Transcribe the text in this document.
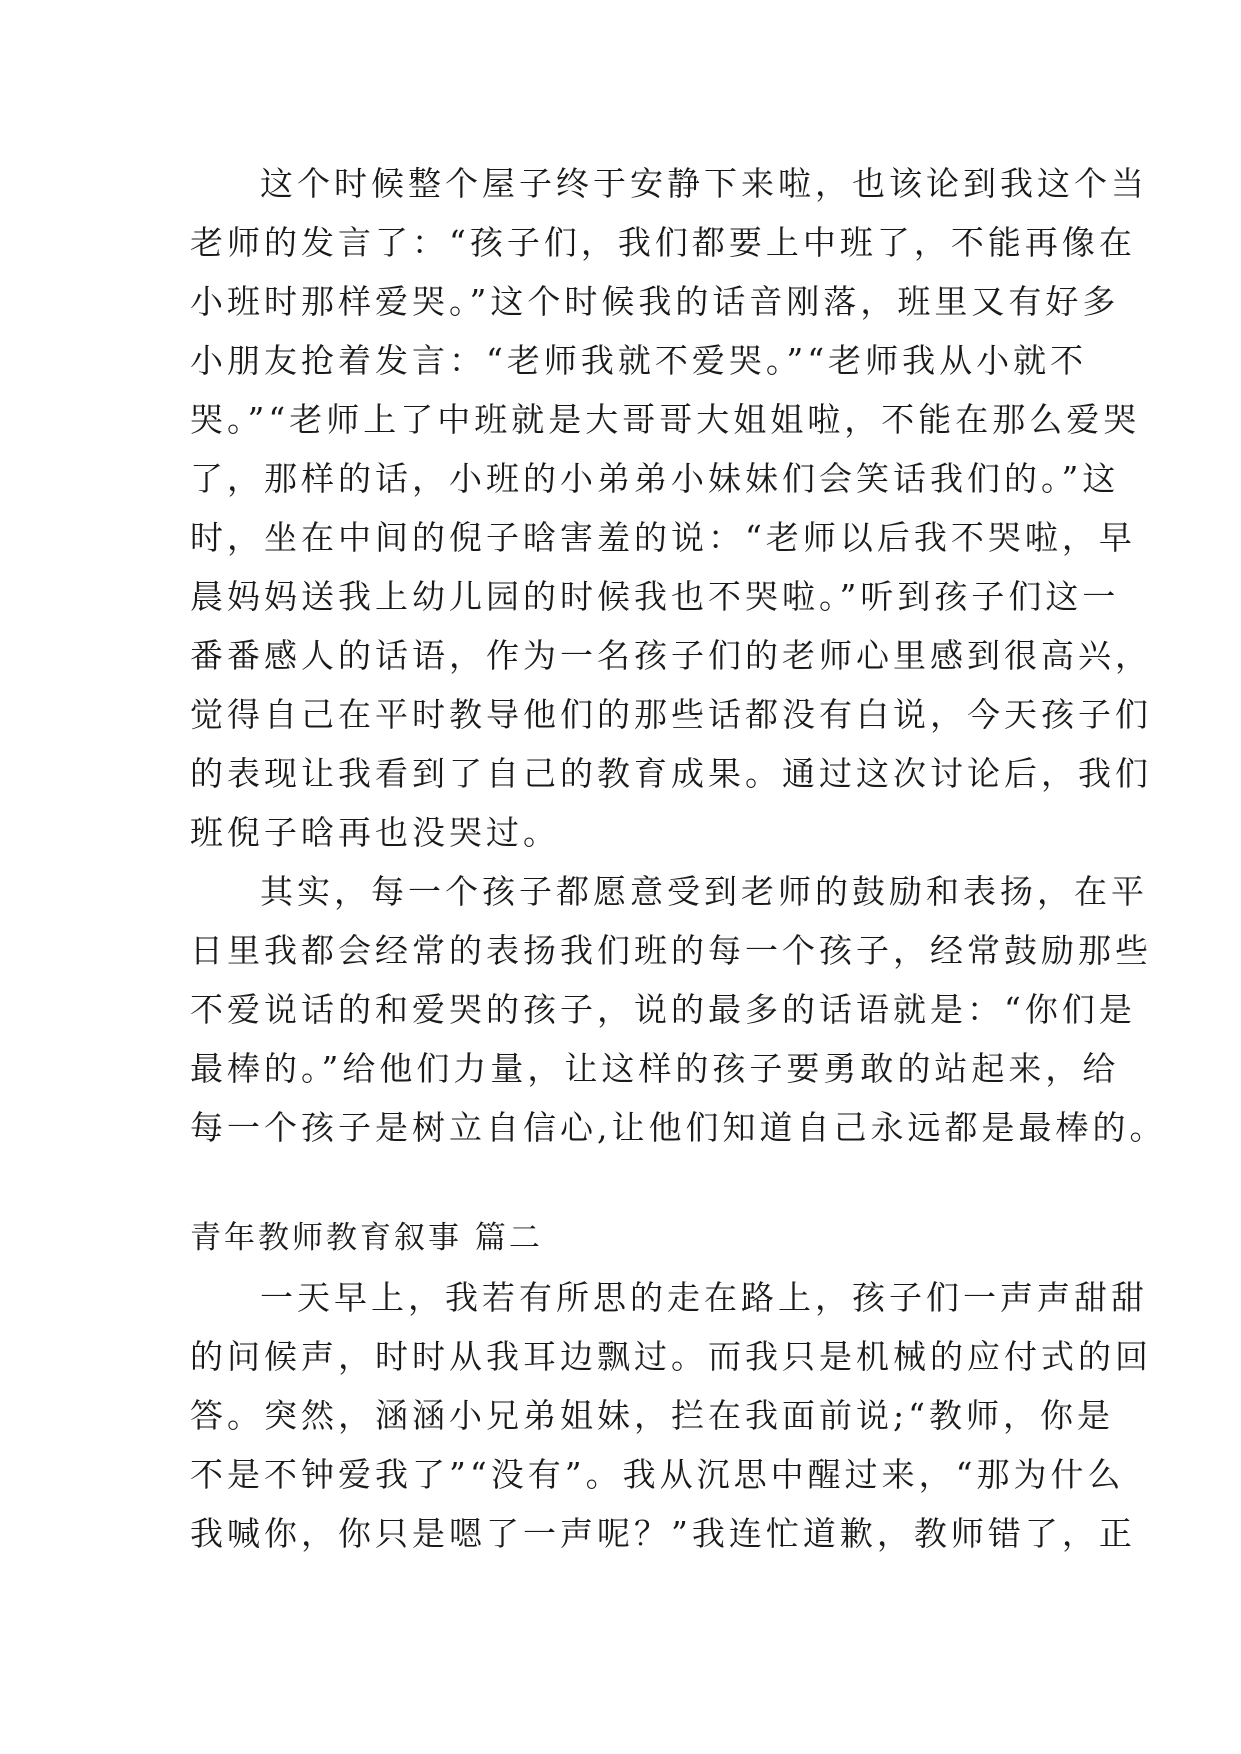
这个时候整个屋子终于安静下来啦，也该论到我这个当
老师的发言了：“孩子们，我们都要上中班了，不能再像在
小班时那样爱哭。”这个时候我的话音刚落，班里又有好多
小朋友抢着发言：“老师我就不爱哭。”“老师我从小就不
哭。”“老师上了中班就是大哥哥大姐姐啦，不能在那么爱哭
了，那样的话，小班的小弟弟小妹妹们会笑话我们的。”这
时，坐在中间的倪子晗害羞的说：“老师以后我不哭啦，早
晨妈妈送我上幼儿园的时候我也不哭啦。”听到孩子们这一
番番感人的话语，作为一名孩子们的老师心里感到很高兴，
觉得自己在平时教导他们的那些话都没有白说，今天孩子们
的表现让我看到了自己的教育成果。通过这次讨论后，我们
班倪子晗再也没哭过。
其实，每一个孩子都愿意受到老师的鼓励和表扬，在平
日里我都会经常的表扬我们班的每一个孩子，经常鼓励那些
不爱说话的和爱哭的孩子，说的最多的话语就是：“你们是
最棒的。”给他们力量，让这样的孩子要勇敢的站起来，给
每一个孩子是树立自信心,让他们知道自己永远都是最棒的。
青年教师教育叙事 篇二
一天早上，我若有所思的走在路上，孩子们一声声甜甜
的问候声，时时从我耳边飘过。而我只是机械的应付式的回
答。突然，涵涵小兄弟姐妹，拦在我面前说;“教师，你是
不是不钟爱我了”“没有”。我从沉思中醒过来，“那为什么
我喊你，你只是嗯了一声呢？”我连忙道歉，教师错了，正
